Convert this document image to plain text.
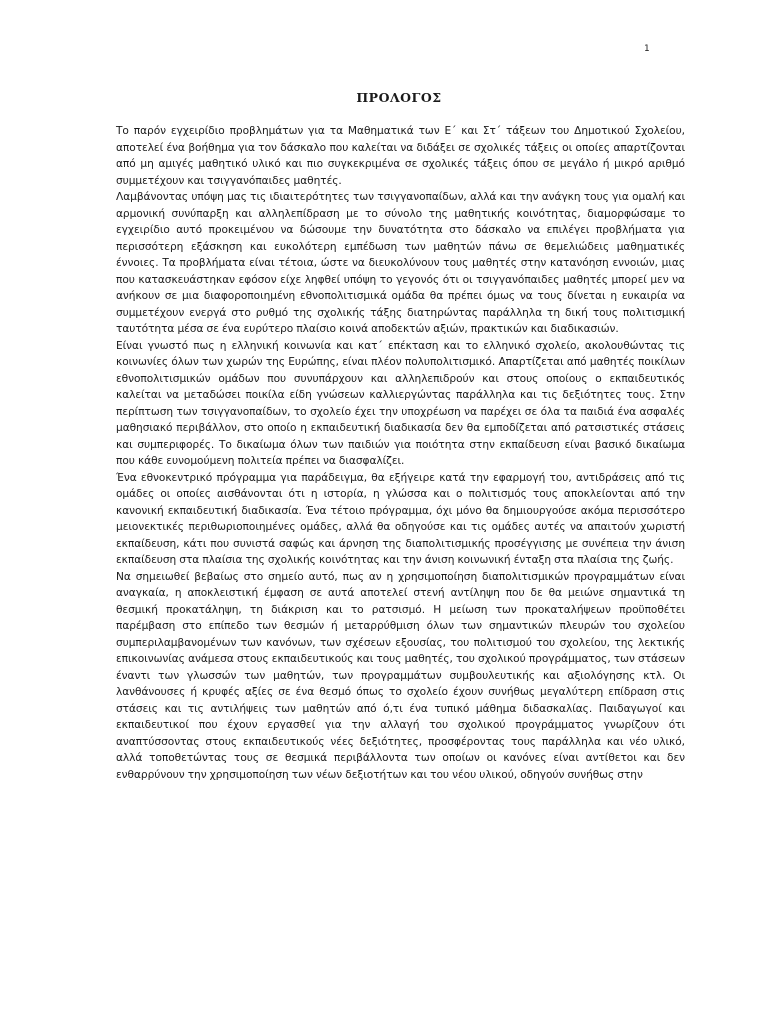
1
ΠΡΟΛΟΓΟΣ

Το παρόν εγχειρίδιο προβλημάτων για τα Μαθηματικά των Ε΄ και Στ΄ τάξεων του Δημοτικού Σχολείου, αποτελεί ένα βοήθημα για τον δάσκαλο που καλείται να διδάξει σε σχολικές τάξεις οι οποίες απαρτίζονται από μη αμιγές μαθητικό υλικό και πιο συγκεκριμένα σε σχολικές τάξεις όπου σε μεγάλο ή μικρό αριθμό συμμετέχουν και τσιγγανόπαιδες μαθητές.

Λαμβάνοντας υπόψη μας τις ιδιαιτερότητες των τσιγγανοπαίδων, αλλά και την ανάγκη τους για ομαλή και αρμονική συνύπαρξη και αλληλεπίδραση με το σύνολο της μαθητικής κοινότητας, διαμορφώσαμε το εγχειρίδιο αυτό προκειμένου να δώσουμε την δυνατότητα στο δάσκαλο να επιλέγει προβλήματα για περισσότερη εξάσκηση και ευκολότερη εμπέδωση των μαθητών πάνω σε θεμελιώδεις μαθηματικές έννοιες. Τα προβλήματα είναι τέτοια, ώστε να διευκολύνουν τους μαθητές στην κατανόηση εννοιών, μιας που κατασκευάστηκαν εφόσον είχε ληφθεί υπόψη το γεγονός ότι οι τσιγγανόπαιδες μαθητές μπορεί μεν να ανήκουν σε μια διαφοροποιημένη εθνοπολιτισμικά ομάδα θα πρέπει όμως να τους δίνεται η ευκαιρία να συμμετέχουν ενεργά στο ρυθμό της σχολικής τάξης διατηρώντας παράλληλα τη δική τους πολιτισμική ταυτότητα μέσα σε ένα ευρύτερο πλαίσιο κοινά αποδεκτών αξιών, πρακτικών και διαδικασιών.

Είναι γνωστό πως η ελληνική κοινωνία και κατ΄ επέκταση και το ελληνικό σχολείο, ακολουθώντας τις κοινωνίες όλων των χωρών της Ευρώπης, είναι πλέον πολυπολιτισμικό. Απαρτίζεται από μαθητές ποικίλων εθνοπολιτισμικών ομάδων που συνυπάρχουν και αλληλεπιδρούν και στους οποίους ο εκπαιδευτικός καλείται να μεταδώσει ποικίλα είδη γνώσεων καλλιεργώντας παράλληλα και τις δεξιότητες τους. Στην περίπτωση των τσιγγανοπαίδων, το σχολείο έχει την υποχρέωση να παρέχει σε όλα τα παιδιά ένα ασφαλές μαθησιακό περιβάλλον, στο οποίο η εκπαιδευτική διαδικασία δεν θα εμποδίζεται από ρατσιστικές στάσεις και συμπεριφορές. Το δικαίωμα όλων των παιδιών για ποιότητα στην εκπαίδευση είναι βασικό δικαίωμα που κάθε ευνομούμενη πολιτεία πρέπει να διασφαλίζει.

Ένα εθνοκεντρικό πρόγραμμα για παράδειγμα, θα εξήγειρε κατά την εφαρμογή του, αντιδράσεις από τις ομάδες οι οποίες αισθάνονται ότι η ιστορία, η γλώσσα και ο πολιτισμός τους αποκλείονται από την κανονική εκπαιδευτική διαδικασία. Ένα τέτοιο πρόγραμμα, όχι μόνο θα δημιουργούσε ακόμα περισσότερο μειονεκτικές περιθωριοποιημένες ομάδες, αλλά θα οδηγούσε και τις ομάδες αυτές να απαιτούν χωριστή εκπαίδευση, κάτι που συνιστά σαφώς και άρνηση της διαπολιτισμικής προσέγγισης με συνέπεια την άνιση εκπαίδευση στα πλαίσια της σχολικής κοινότητας και την άνιση κοινωνική ένταξη στα πλαίσια της ζωής.

Να σημειωθεί βεβαίως στο σημείο αυτό, πως αν η χρησιμοποίηση διαπολιτισμικών προγραμμάτων είναι αναγκαία, η αποκλειστική έμφαση σε αυτά αποτελεί στενή αντίληψη που δε θα μειώνε σημαντικά τη θεσμική προκατάληψη, τη διάκριση και το ρατσισμό. Η μείωση των προκαταλήψεων προϋποθέτει παρέμβαση στο επίπεδο των θεσμών ή μεταρρύθμιση όλων των σημαντικών πλευρών του σχολείου συμπεριλαμβανομένων των κανόνων, των σχέσεων εξουσίας, του πολιτισμού του σχολείου, της λεκτικής επικοινωνίας ανάμεσα στους εκπαιδευτικούς και τους μαθητές, του σχολικού προγράμματος, των στάσεων έναντι των γλωσσών των μαθητών, των προγραμμάτων συμβουλευτικής και αξιολόγησης κτλ. Οι λανθάνουσες ή κρυφές αξίες σε ένα θεσμό όπως το σχολείο έχουν συνήθως μεγαλύτερη επίδραση στις στάσεις και τις αντιλήψεις των μαθητών από ό,τι ένα τυπικό μάθημα διδασκαλίας. Παιδαγωγοί και εκπαιδευτικοί που έχουν εργασθεί για την αλλαγή του σχολικού προγράμματος γνωρίζουν ότι αναπτύσσοντας στους εκπαιδευτικούς νέες δεξιότητες, προσφέροντας τους παράλληλα και νέο υλικό, αλλά τοποθετώντας τους σε θεσμικά περιβάλλοντα των οποίων οι κανόνες είναι αντίθετοι και δεν ενθαρρύνουν την χρησιμοποίηση των νέων δεξιοτήτων και του νέου υλικού, οδηγούν συνήθως στην
